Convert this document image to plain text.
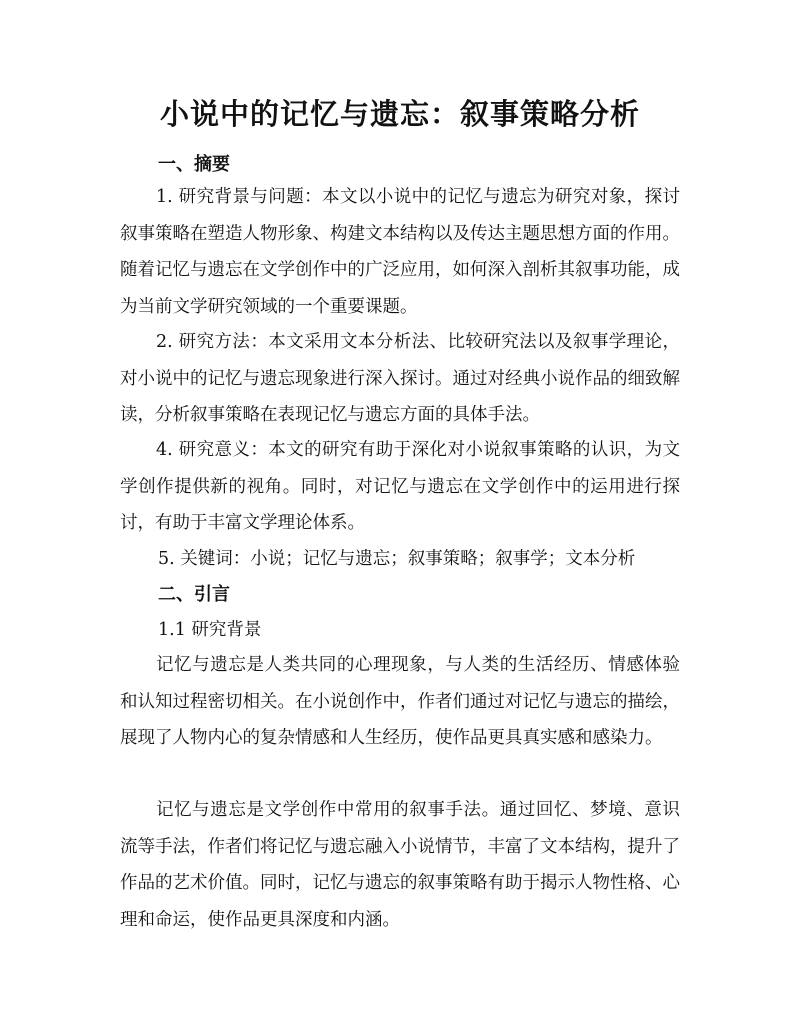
小说中的记忆与遗忘：叙事策略分析
一、摘要

1. 研究背景与问题：本文以小说中的记忆与遗忘为研究对象，探讨叙事策略在塑造人物形象、构建文本结构以及传达主题思想方面的作用。随着记忆与遗忘在文学创作中的广泛应用，如何深入剖析其叙事功能，成为当前文学研究领域的一个重要课题。

2. 研究方法：本文采用文本分析法、比较研究法以及叙事学理论，对小说中的记忆与遗忘现象进行深入探讨。通过对经典小说作品的细致解读，分析叙事策略在表现记忆与遗忘方面的具体手法。

4. 研究意义：本文的研究有助于深化对小说叙事策略的认识，为文学创作提供新的视角。同时，对记忆与遗忘在文学创作中的运用进行探讨，有助于丰富文学理论体系。

5. 关键词：小说；记忆与遗忘；叙事策略；叙事学；文本分析
二、引言
1.1 研究背景

记忆与遗忘是人类共同的心理现象，与人类的生活经历、情感体验和认知过程密切相关。在小说创作中，作者们通过对记忆与遗忘的描绘，展现了人物内心的复杂情感和人生经历，使作品更具真实感和感染力。

记忆与遗忘是文学创作中常用的叙事手法。通过回忆、梦境、意识流等手法，作者们将记忆与遗忘融入小说情节，丰富了文本结构，提升了作品的艺术价值。同时，记忆与遗忘的叙事策略有助于揭示人物性格、心理和命运，使作品更具深度和内涵。
